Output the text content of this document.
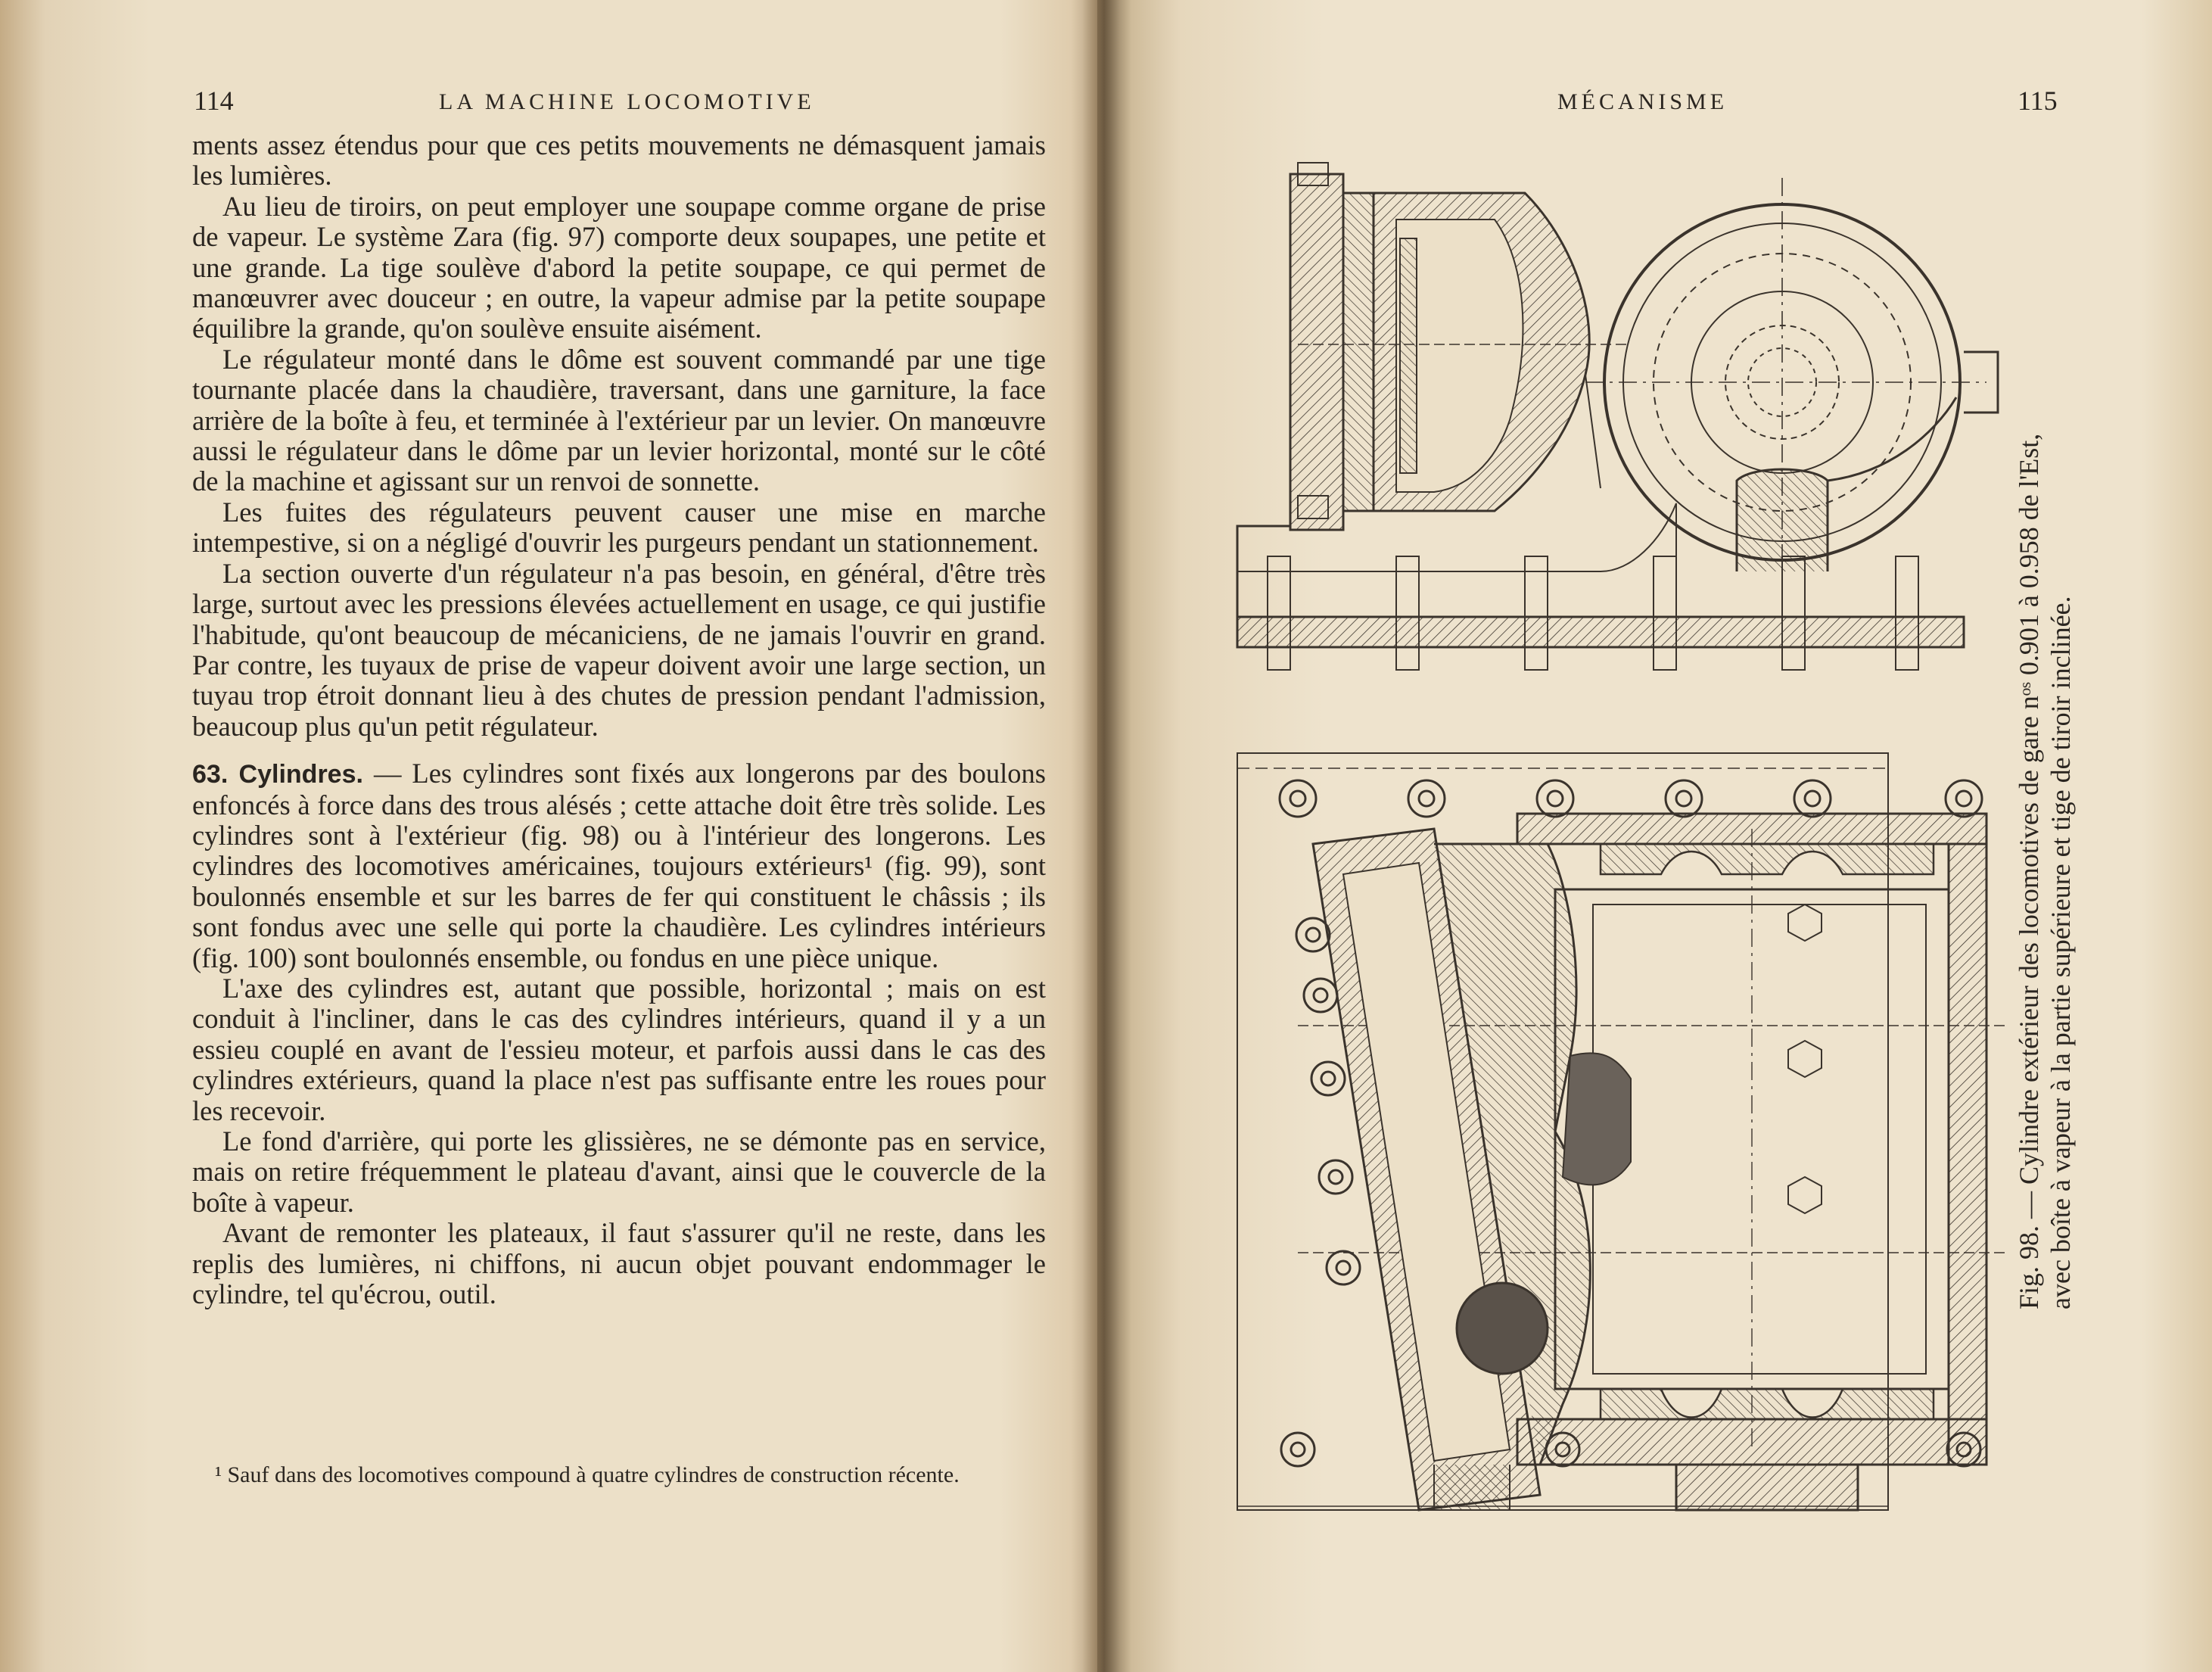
114	LA MACHINE LOCOMOTIVE

ments assez étendus pour que ces petits mouvements ne démasquent jamais les lumières.

Au lieu de tiroirs, on peut employer une soupape comme organe de prise de vapeur. Le système Zara (fig. 97) comporte deux soupapes, une petite et une grande. La tige soulève d'abord la petite soupape, ce qui permet de manœuvrer avec douceur ; en outre, la vapeur admise par la petite soupape équilibre la grande, qu'on soulève ensuite aisément.

Le régulateur monté dans le dôme est souvent commandé par une tige tournante placée dans la chaudière, traversant, dans une garniture, la face arrière de la boîte à feu, et terminée à l'extérieur par un levier. On manœuvre aussi le régulateur dans le dôme par un levier horizontal, monté sur le côté de la machine et agissant sur un renvoi de sonnette.

Les fuites des régulateurs peuvent causer une mise en marche intempestive, si on a négligé d'ouvrir les purgeurs pendant un stationnement.

La section ouverte d'un régulateur n'a pas besoin, en général, d'être très large, surtout avec les pressions élevées actuellement en usage, ce qui justifie l'habitude, qu'ont beaucoup de mécaniciens, de ne jamais l'ouvrir en grand. Par contre, les tuyaux de prise de vapeur doivent avoir une large section, un tuyau trop étroit donnant lieu à des chutes de pression pendant l'admission, beaucoup plus qu'un petit régulateur.

63. Cylindres. — Les cylindres sont fixés aux longerons par des boulons enfoncés à force dans des trous alésés ; cette attache doit être très solide. Les cylindres sont à l'extérieur (fig. 98) ou à l'intérieur des longerons. Les cylindres des locomotives américaines, toujours extérieurs¹ (fig. 99), sont boulonnés ensemble et sur les barres de fer qui constituent le châssis ; ils sont fondus avec une selle qui porte la chaudière. Les cylindres intérieurs (fig. 100) sont boulonnés ensemble, ou fondus en une pièce unique.

L'axe des cylindres est, autant que possible, horizontal ; mais on est conduit à l'incliner, dans le cas des cylindres intérieurs, quand il y a un essieu couplé en avant de l'essieu moteur, et parfois aussi dans le cas des cylindres extérieurs, quand la place n'est pas suffisante entre les roues pour les recevoir.

Le fond d'arrière, qui porte les glissières, ne se démonte pas en service, mais on retire fréquemment le plateau d'avant, ainsi que le couvercle de la boîte à vapeur.

Avant de remonter les plateaux, il faut s'assurer qu'il ne reste, dans les replis des lumières, ni chiffons, ni aucun objet pouvant endommager le cylindre, tel qu'écrou, outil.

¹ Sauf dans des locomotives compound à quatre cylindres de construction récente.

MÉCANISME	115

Fig. 98. — Cylindre extérieur des locomotives de gare nᵒˢ 0.901 à 0.958 de l'Est, avec boîte à vapeur à la partie supérieure et tige de tiroir inclinée.
